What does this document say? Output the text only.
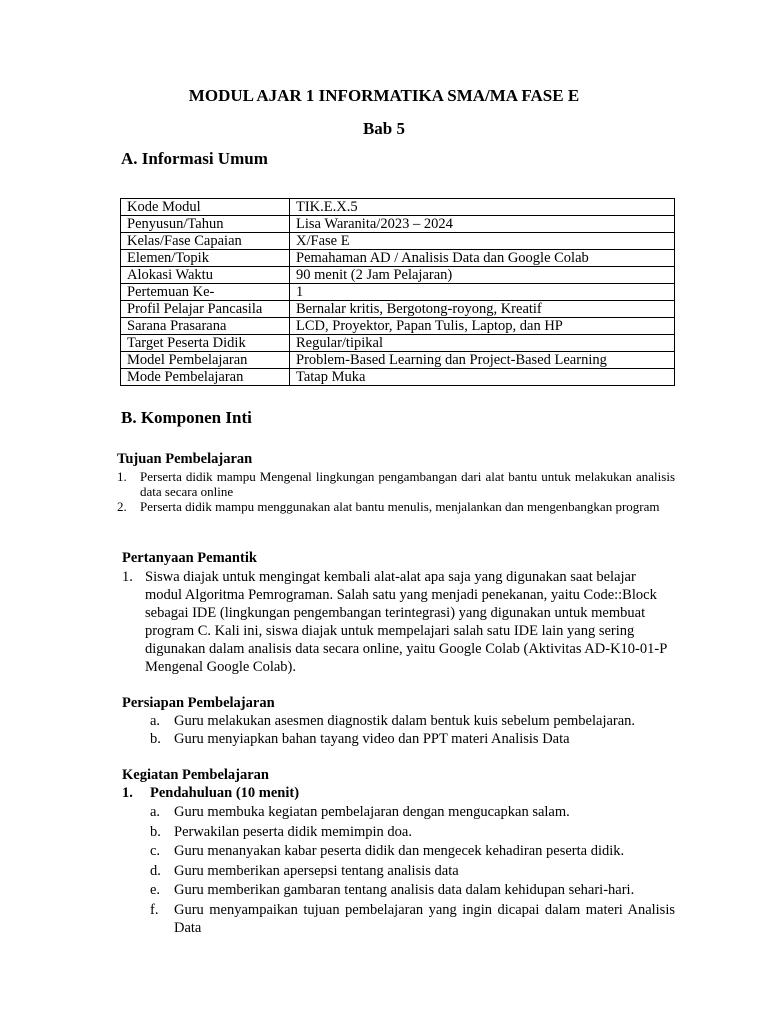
MODUL AJAR 1 INFORMATIKA SMA/MA FASE E
Bab 5
A. Informasi Umum
Kode Modul	TIK.E.X.5
Penyusun/Tahun	Lisa Waranita/2023 – 2024
Kelas/Fase Capaian	X/Fase E
Elemen/Topik	Pemahaman AD / Analisis Data dan Google Colab
Alokasi Waktu	90 menit (2 Jam Pelajaran)
Pertemuan Ke-	1
Profil Pelajar Pancasila	Bernalar kritis, Bergotong-royong, Kreatif
Sarana Prasarana	LCD, Proyektor, Papan Tulis, Laptop, dan HP
Target Peserta Didik	Regular/tipikal
Model Pembelajaran	Problem-Based Learning dan Project-Based Learning
Mode Pembelajaran	Tatap Muka
B. Komponen Inti
Tujuan Pembelajaran
1.	Perserta didik mampu Mengenal lingkungan pengambangan dari alat bantu untuk melakukan analisis data secara online
2.	Perserta didik mampu menggunakan alat bantu menulis, menjalankan dan mengenbangkan program
Pertanyaan Pemantik
1. Siswa diajak untuk mengingat kembali alat-alat apa saja yang digunakan saat belajar modul Algoritma Pemrograman. Salah satu yang menjadi penekanan, yaitu Code::Block sebagai IDE (lingkungan pengembangan terintegrasi) yang digunakan untuk membuat program C. Kali ini, siswa diajak untuk mempelajari salah satu IDE lain yang sering digunakan dalam analisis data secara online, yaitu Google Colab (Aktivitas AD-K10-01-P Mengenal Google Colab).
Persiapan Pembelajaran
a. Guru melakukan asesmen diagnostik dalam bentuk kuis sebelum pembelajaran.
b. Guru menyiapkan bahan tayang video dan PPT materi Analisis Data
Kegiatan Pembelajaran
1.	Pendahuluan (10 menit)
a. Guru membuka kegiatan pembelajaran dengan mengucapkan salam.
b. Perwakilan peserta didik memimpin doa.
c. Guru menanyakan kabar peserta didik dan mengecek kehadiran peserta didik.
d. Guru memberikan apersepsi tentang analisis data
e. Guru memberikan gambaran tentang analisis data dalam kehidupan sehari-hari.
f.	Guru menyampaikan tujuan pembelajaran yang ingin dicapai dalam materi Analisis Data
